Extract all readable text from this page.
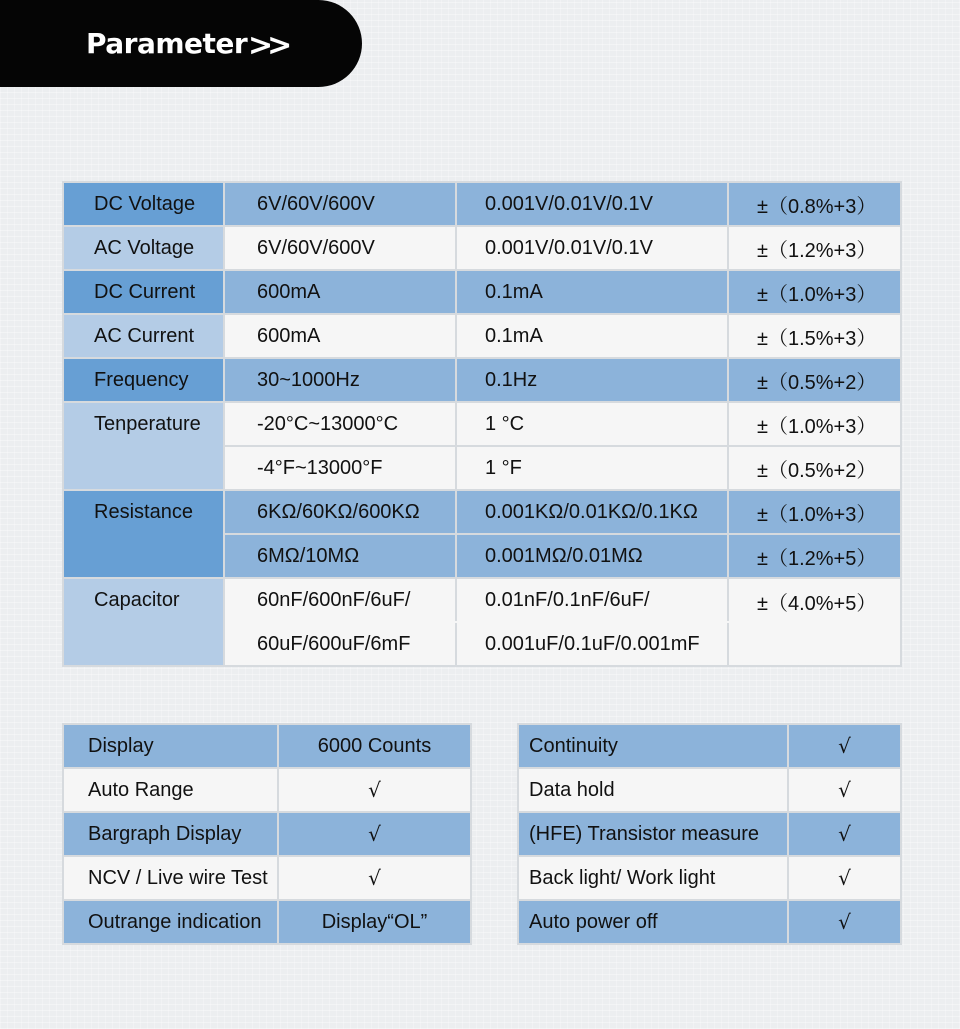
Parameter >>
DC Voltage	6V/60V/600V	0.001V/0.01V/0.1V	±（0.8%+3）
AC Voltage	6V/60V/600V	0.001V/0.01V/0.1V	±（1.2%+3）
DC Current	600mA	0.1mA	±（1.0%+3）
AC Current	600mA	0.1mA	±（1.5%+3）
Frequency	30~1000Hz	0.1Hz	±（0.5%+2）
Tenperature	-20°C~13000°C	1 °C	±（1.0%+3）
	-4°F~13000°F	1 °F	±（0.5%+2）
Resistance	6KΩ/60KΩ/600KΩ	0.001KΩ/0.01KΩ/0.1KΩ	±（1.0%+3）
	6MΩ/10MΩ	0.001MΩ/0.01MΩ	±（1.2%+5）
Capacitor	60nF/600nF/6uF/	0.01nF/0.1nF/6uF/	±（4.0%+5）
	60uF/600uF/6mF	0.001uF/0.1uF/0.001mF	
Display	6000 Counts
Auto Range	√
Bargraph Display	√
NCV / Live wire Test	√
Outrange indication	Display“OL”
Continuity	√
Data hold	√
(HFE) Transistor measure	√
Back light/ Work light	√
Auto power off	√
